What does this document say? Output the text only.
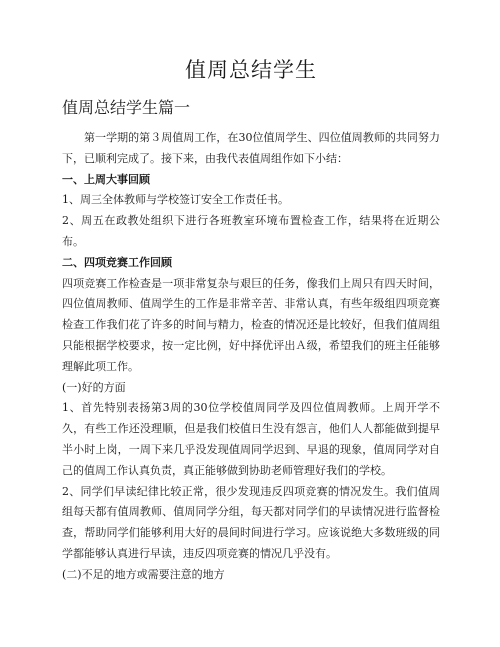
值周总结学生
值周总结学生篇一

第一学期的第３周值周工作，在30位值周学生、四位值周教师的共同努力下，已顺利完成了。接下来，由我代表值周组作如下小结：

一、上周大事回顾

1、周三全体教师与学校签订安全工作责任书。

2、周五在政教处组织下进行各班教室环境布置检查工作，结果将在近期公布。

二、四项竞赛工作回顾

四项竞赛工作检查是一项非常复杂与艰巨的任务，像我们上周只有四天时间，四位值周教师、值周学生的工作是非常辛苦、非常认真，有些年级组四项竞赛检查工作我们花了许多的时间与精力，检查的情况还是比较好，但我们值周组只能根据学校要求，按一定比例，好中择优评出Ａ级，希望我们的班主任能够理解此项工作。

(一)好的方面

1、首先特别表扬第3周的30位学校值周同学及四位值周教师。上周开学不久，有些工作还没理顺，但是我们校值日生没有怨言，他们人人都能做到提早半小时上岗，一周下来几乎没发现值周同学迟到、早退的现象，值周同学对自己的值周工作认真负责，真正能够做到协助老师管理好我们的学校。

2、同学们早读纪律比较正常，很少发现违反四项竞赛的情况发生。我们值周组每天都有值周教师、值周同学分组，每天都对同学们的早读情况进行监督检查，帮助同学们能够利用大好的晨间时间进行学习。应该说绝大多数班级的同学都能够认真进行早读，违反四项竞赛的情况几乎没有。

(二)不足的地方或需要注意的地方
